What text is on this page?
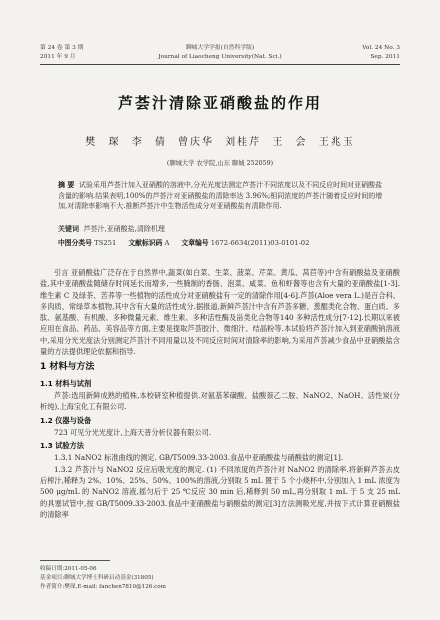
第 24 卷 第 3 期
2011 年 9 月
聊城大学学报(自然科学版)
Journal of Liaocheng University(Nat. Sci.)
Vol. 24 No. 3
Sep. 2011
芦荟汁清除亚硝酸盐的作用
樊 琛 李 倩 曾庆华 刘桂芹 王 会 王兆玉
(聊城大学 农学院,山东 聊城 252059)
摘 要 试验采用芦荟汁加入亚硝酸的溶液中,分光光度法测定芦荟汁不同浓度以及不同反应时间对亚硝酸盐含量的影响.结果表明,100%的芦荟汁对亚硝酸盐的清除率达 3.96%;相同浓度的芦荟汁随着反应时间的增加,对清除率影响不大.推断芦荟汁中生物活性成分对亚硝酸盐有清除作用.
关键词 芦荟汁,亚硝酸盐,清除机理
中图分类号 TS251 文献标识码 A 文章编号 1672-6634(2011)03-0101-02
引言 亚硝酸盐广泛存在于自然界中,蔬菜(如白菜、生菜、菠菜、芹菜、黄瓜、莴苣等)中含有硝酸盐及亚硝酸盐,其中亚硝酸盐随储存时间延长而增多,一些腌制的香肠、泡菜、咸菜、鱼和虾酱等也含有大量的亚硝酸盐[1-3].维生素 C 及绿茶、苦荞等一些植物的活性成分对亚硝酸盐有一定的清除作用[4-6].芦荟(Aloe vera L.)是百合科、多肉质、常绿草本植物,其中含有大量的活性成分.据报道,新鲜芦荟汁中含有芦荟多糖、葱醌类化合物、蛋白质、多肽、氨基酸、有机酸、多种微量元素、维生素、多种活性酶及甾类化合物等140 多种活性成分[7-12].长期以来被应用在食品、药品、美容品等方面,主要是提取芦荟胶汁、微细汁、结晶粉等.本试验将芦荟汁加入到亚硝酸钠溶液中,采用分光光度法分别测定芦荟汁不同用量以及不同反应时间对清除率的影响,为采用芦荟减少食品中亚硝酸盐含量的方法提供理论依据和指导.
1 材料与方法
1.1 材料与试剂
芦荟:选用新鲜成熟的植株,本校研室种植提供.对氨基苯磺酸、盐酸萘乙二胺、NaNO2、NaOH、活性炭(分析纯),上海宝化工有限公司.
1.2 仪器与设备
723 可见分光光度计,上海天普分析仪器有限公司.
1.3 试验方法
1.3.1 NaNO2 标准曲线的测定. GB/T5009.33-2003.食品中亚硝酸盐与硝酸盐的测定[1].
1.3.2 芦荟汁与 NaNO2 反应后吸光度的测定. (1) 不同浓度的芦荟汁对 NaNO2 的清除率.将新鲜芦荟去皮后榨汁,稀释为 2%、10%、25%、50%、100%的溶液,分别取 5 mL 置于 5 个小烧杯中,分别加入 1 mL 浓度为 500 μg/mL 的 NaNO2 溶液,摇匀后于 25 ℃反应 30 min 后,稀释到 50 mL,再分别取 1 mL 于 5 支 25 mL 的具塞试管中,按 GB/T5009.33-2003.食品中亚硝酸盐与硝酸盐的测定[3]方法测吸光度,并按下式计算亚硝酸盐的清除率
收稿日期:2011-05-06
基金项目:聊城大学博士科研启动基金(31805)
作者简介:樊琛,E-mail: fanchen7810@126.com
